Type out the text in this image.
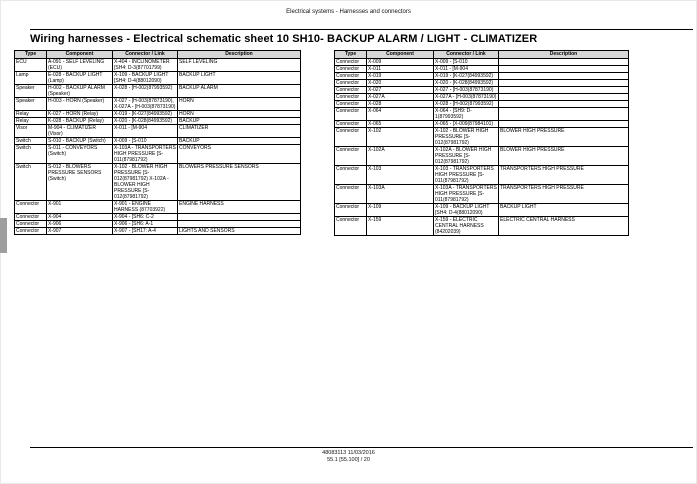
Electrical systems - Harnesses and connectors
Wiring harnesses - Electrical schematic sheet 10 SH10- BACKUP ALARM / LIGHT - CLIMATIZER
Type	Component	Connector / Link	Description
ECU	A-091 - SELF LEVELING (ECU)	X-404 - INCLINOMETER [SH4: D-3(87701799)	SELF LEVELING
Lamp	E-028 - BACKUP LIGHT (Lamp)	X-109 - BACKUP LIGHT [SH4: D-4(88012090)	BACKUP LIGHT
Speaker	H-002 - BACKUP ALARM (Speaker)	X-028 - [H-002(87993592)	BACKUP ALARM
Speaker	H-003 - HORN (Speaker)	X-027 - [H-003(87873190), X-027A - [H-003(87873190)	HORN
Relay	K-027 - HORN (Relay)	X-019 - [K-027(84993592)	HORN
Relay	K-028 - BACKUP (Relay)	X-020 - [K-028(84993592)	BACKUP
Visor	M-904 - CLIMATIZER (Visor)	X-011 - [M-904	CLIMATIZER
Switch	S-010 - BACKUP (Switch)	X-009 - [S-010	BACKUP
Switch	S-011 - CONVEYORS (Switch)	X-103A - TRANSPORTERS HIGH PRESSURE [S-011(87981792)	CONVEYORS
Switch	S-012 - BLOWERS PRESSURE SENSORS (Switch)	X-102 - BLOWER HIGH PRESSURE [S-012(87981792) X-102A - BLOWER HIGH PRESSURE [S-012(87981792)	BLOWERS PRESSURE SENSORS
Connector	X-901	X-901 - ENGINE HARNESS (87703922)	ENGINE HARNESS
Connector	X-904	X-904 - [SH6: C-2	
Connector	X-906	X-906 - [SH6: A-1	
Connector	X-907	X-907 - [SH17: A-4	LIGHTS AND SENSORS
Type	Component	Connector / Link	Description
Connector	X-009	X-009 - [S-010	
Connector	X-011	X-011 - [M-904	
Connector	X-019	X-019 - [K-027(84993592)	
Connector	X-020	X-020 - [K-028(84993592)	
Connector	X-027	X-027 - [H-003(87873190)	
Connector	X-027A	X-027A - [H-003(87873190)	
Connector	X-028	X-028 - [H-002(87993592)	
Connector	X-064	X-064 - [SH9: D-1(87993592)	
Connector	X-065	X-065 - [X-009(87984101)	
Connector	X-102	X-102 - BLOWER HIGH PRESSURE [S-012(87981792)	BLOWER HIGH PRESSURE
Connector	X-102A	X-102A - BLOWER HIGH PRESSURE [S-012(87981792)	BLOWER HIGH PRESSURE
Connector	X-103	X-103 - TRANSPORTERS HIGH PRESSURE [S-011(87981792)	TRANSPORTERS HIGH PRESSURE
Connector	X-103A	X-103A - TRANSPORTERS HIGH PRESSURE [S-011(87981792)	TRANSPORTERS HIGH PRESSURE
Connector	X-109	X-109 - BACKUP LIGHT [SH4: D-4(88012090)	BACKUP LIGHT
Connector	X-159	X-159 - ELECTRIC CENTRAL HARNESS (84202039)	ELECTRIC CENTRAL HARNESS
48083113 11/03/2016
55.1 [55.100] / 20
